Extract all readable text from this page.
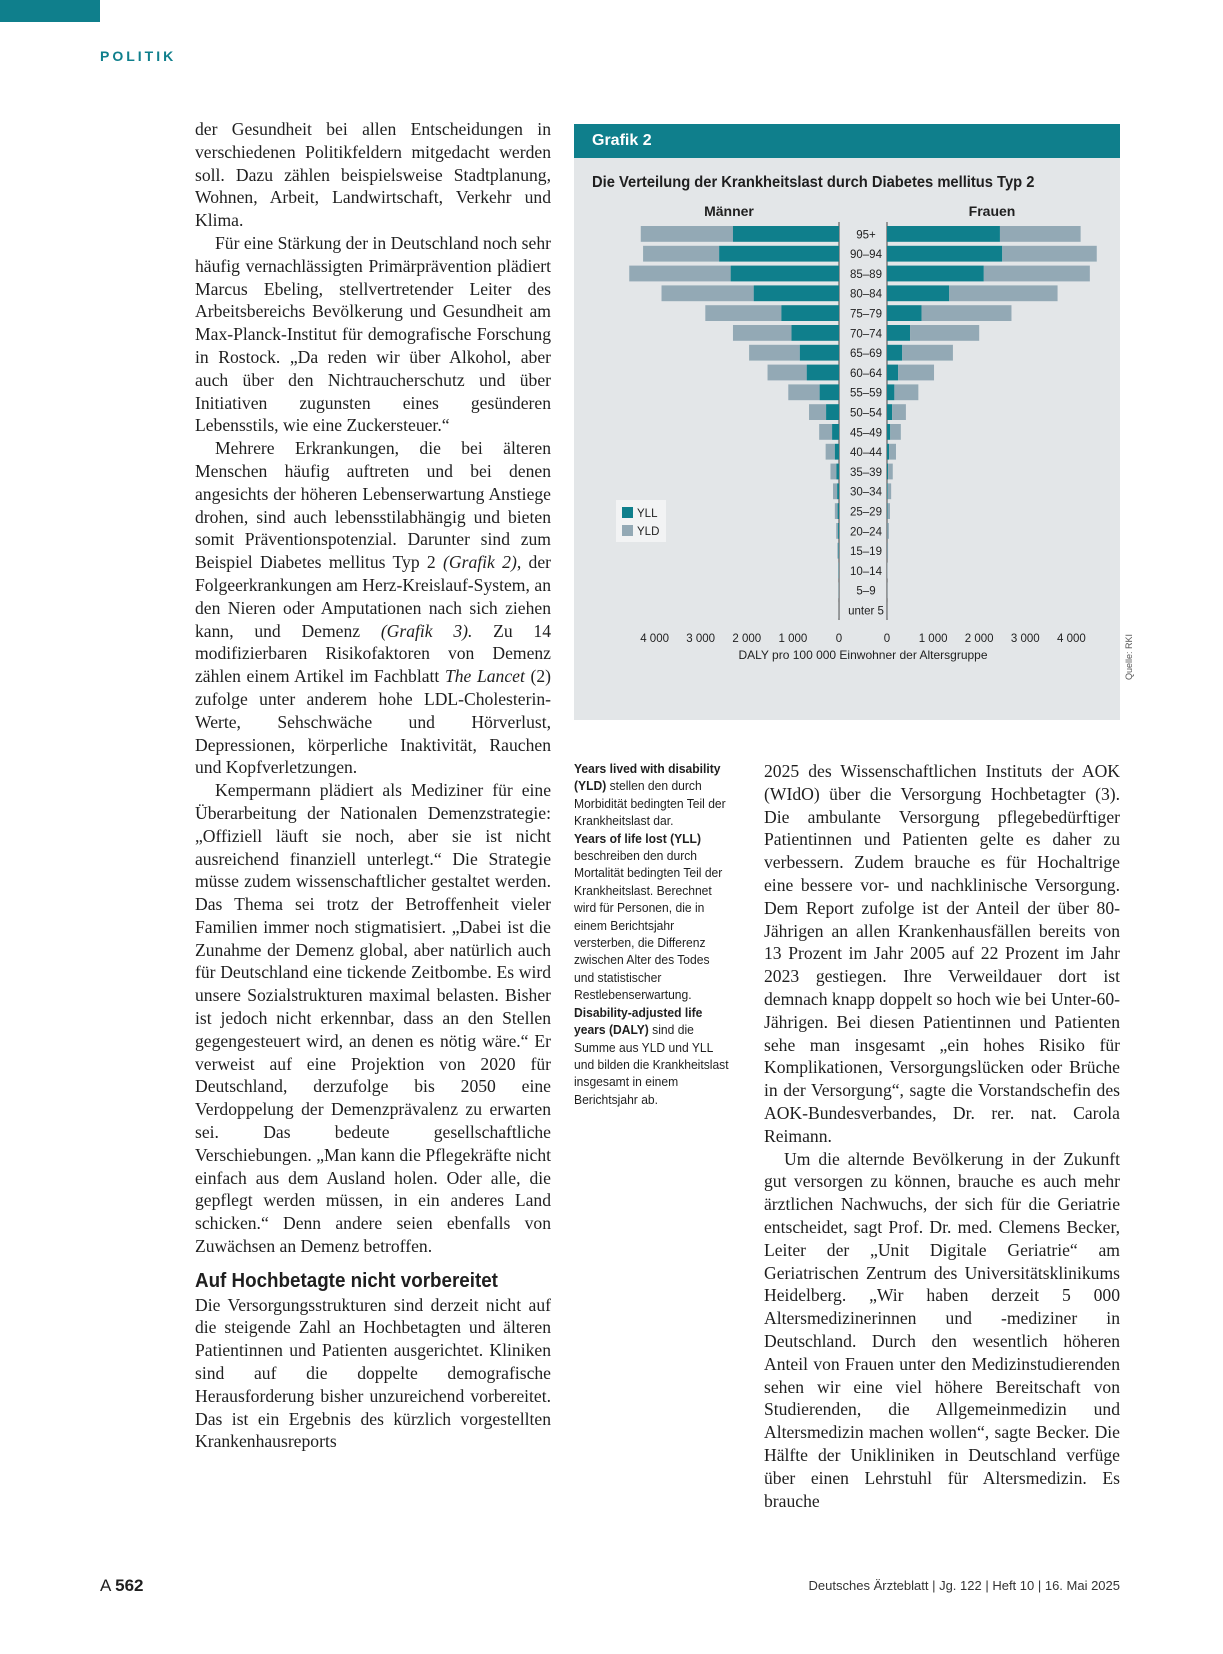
POLITIK

der Gesundheit bei allen Entscheidungen in verschiedenen Politikfeldern mitgedacht werden soll. Dazu zählen beispielsweise Stadtplanung, Wohnen, Arbeit, Landwirtschaft, Verkehr und Klima.

Für eine Stärkung der in Deutschland noch sehr häufig vernachlässigten Primärprävention plädiert Marcus Ebeling, stellvertretender Leiter des Arbeitsbereichs Bevölkerung und Gesundheit am Max-Planck-Institut für demografische Forschung in Rostock. „Da reden wir über Alkohol, aber auch über den Nichtraucherschutz und über Initiativen zugunsten eines gesünderen Lebensstils, wie eine Zuckersteuer.“

Mehrere Erkrankungen, die bei älteren Menschen häufig auftreten und bei denen angesichts der höheren Lebenserwartung Anstiege drohen, sind auch lebensstilabhängig und bieten somit Präventionspotenzial. Darunter sind zum Beispiel Diabetes mellitus Typ 2 (Grafik 2), der Folgeerkrankungen am Herz-Kreislauf-System, an den Nieren oder Amputationen nach sich ziehen kann, und Demenz (Grafik 3). Zu 14 modifizierbaren Risikofaktoren von Demenz zählen einem Artikel im Fachblatt The Lancet (2) zufolge unter anderem hohe LDL-Cholesterin-Werte, Sehschwäche und Hörverlust, Depressionen, körperliche Inaktivität, Rauchen und Kopfverletzungen.

Kempermann plädiert als Mediziner für eine Überarbeitung der Nationalen Demenzstrategie: „Offiziell läuft sie noch, aber sie ist nicht ausreichend finanziell unterlegt.“ Die Strategie müsse zudem wissenschaftlicher gestaltet werden. Das Thema sei trotz der Betroffenheit vieler Familien immer noch stigmatisiert. „Dabei ist die Zunahme der Demenz global, aber natürlich auch für Deutschland eine tickende Zeitbombe. Es wird unsere Sozialstrukturen maximal belasten. Bisher ist jedoch nicht erkennbar, dass an den Stellen gegengesteuert wird, an denen es nötig wäre.“ Er verweist auf eine Projektion von 2020 für Deutschland, derzufolge bis 2050 eine Verdoppelung der Demenzprävalenz zu erwarten sei. Das bedeute gesellschaftliche Verschiebungen. „Man kann die Pflegekräfte nicht einfach aus dem Ausland holen. Oder alle, die gepflegt werden müssen, in ein anderes Land schicken.“ Denn andere seien ebenfalls von Zuwächsen an Demenz betroffen.

Auf Hochbetagte nicht vorbereitet

Die Versorgungsstrukturen sind derzeit nicht auf die steigende Zahl an Hochbetagten und älteren Patientinnen und Patienten ausgerichtet. Kliniken sind auf die doppelte demografische Herausforderung bisher unzureichend vorbereitet. Das ist ein Ergebnis des kürzlich vorgestellten Krankenhausreports

Grafik 2
Die Verteilung der Krankheitslast durch Diabetes mellitus Typ 2
Männer	Frauen
95+
90–94
85–89
80–84
75–79
70–74
65–69
60–64
55–59
50–54
45–49
40–44
35–39
30–34
25–29
20–24
15–19
10–14
5–9
unter 5
4 000 3 000 2 000 1 000 0	0 1 000 2 000 3 000 4 000
DALY pro 100 000 Einwohner der Altersgruppe
YLL
YLD
Quelle: RKI
Years lived with disability (YLD) stellen den durch Morbidität bedingten Teil der Krankheitslast dar.
Years of life lost (YLL) beschreiben den durch Mortalität bedingten Teil der Krankheitslast. Berechnet wird für Personen, die in einem Berichtsjahr versterben, die Differenz zwischen Alter des Todes und statistischer Restlebenserwartung.
Disability-adjusted life years (DALY) sind die Summe aus YLD und YLL und bilden die Krankheitslast insgesamt in einem Berichtsjahr ab.

2025 des Wissenschaftlichen Instituts der AOK (WIdO) über die Versorgung Hochbetagter (3). Die ambulante Versorgung pflegebedürftiger Patientinnen und Patienten gelte es daher zu verbessern. Zudem brauche es für Hochaltrige eine bessere vor- und nachklinische Versorgung. Dem Report zufolge ist der Anteil der über 80-Jährigen an allen Krankenhausfällen bereits von 13 Prozent im Jahr 2005 auf 22 Prozent im Jahr 2023 gestiegen. Ihre Verweildauer dort ist demnach knapp doppelt so hoch wie bei Unter-60-Jährigen. Bei diesen Patientinnen und Patienten sehe man insgesamt „ein hohes Risiko für Komplikationen, Versorgungslücken oder Brüche in der Versorgung“, sagte die Vorstandschefin des AOK-Bundesverbandes, Dr. rer. nat. Carola Reimann.

Um die alternde Bevölkerung in der Zukunft gut versorgen zu können, brauche es auch mehr ärztlichen Nachwuchs, der sich für die Geriatrie entscheidet, sagt Prof. Dr. med. Clemens Becker, Leiter der „Unit Digitale Geriatrie“ am Geriatrischen Zentrum des Universitätsklinikums Heidelberg. „Wir haben derzeit 5 000 Altersmedizinerinnen und -mediziner in Deutschland. Durch den wesentlich höheren Anteil von Frauen unter den Medizinstudierenden sehen wir eine viel höhere Bereitschaft von Studierenden, die Allgemeinmedizin und Altersmedizin machen wollen“, sagte Becker. Die Hälfte der Unikliniken in Deutschland verfüge über einen Lehrstuhl für Altersmedizin. Es brauche

A 562	Deutsches Ärzteblatt | Jg. 122 | Heft 10 | 16. Mai 2025
